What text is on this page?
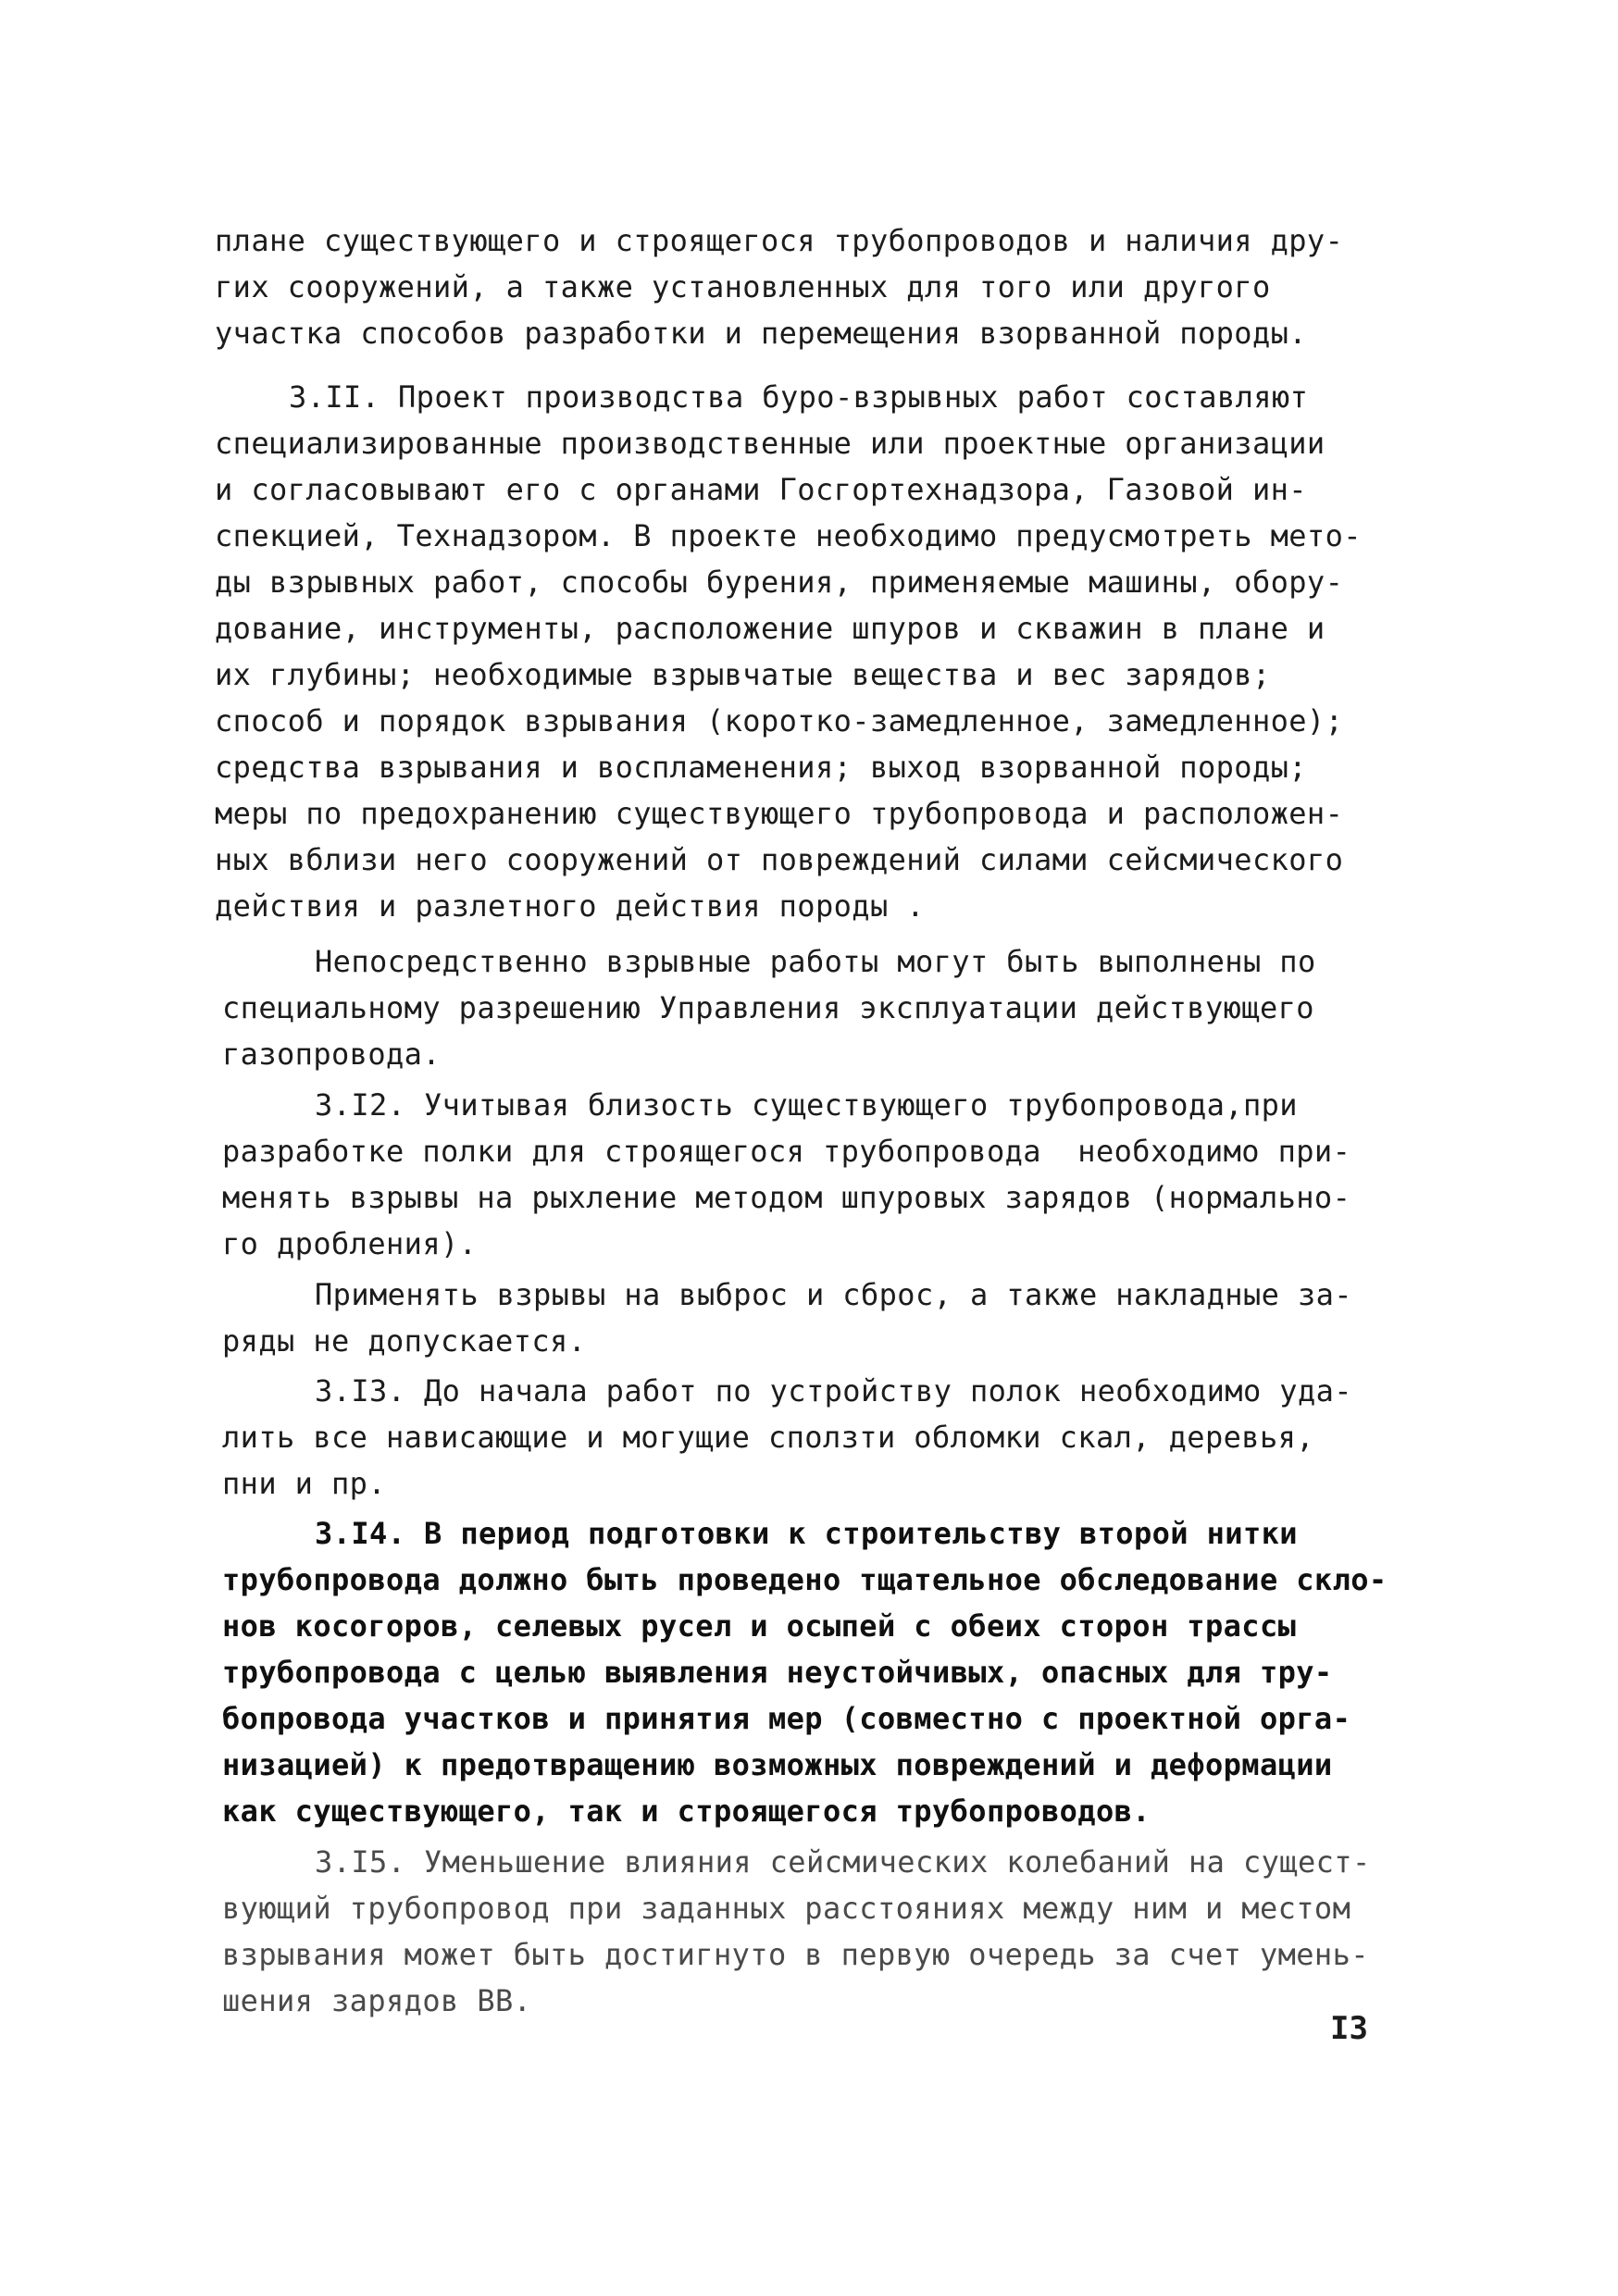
плане существующего и строящегося трубопроводов и наличия дру-
гих сооружений, а также установленных для того или другого
участка способов разработки и перемещения взорванной породы.
3.II. Проект производства буро-взрывных работ составляют
специализированные производственные или проектные организации
и согласовывают его с органами Госгортехнадзора, Газовой ин-
спекцией, Технадзором. В проекте необходимо предусмотреть мето-
ды взрывных работ, способы бурения, применяемые машины, обору-
дование, инструменты, расположение шпуров и скважин в плане и
их глубины; необходимые взрывчатые вещества и вес зарядов;
способ и порядок взрывания (коротко-замедленное, замедленное);
средства взрывания и воспламенения; выход взорванной породы;
меры по предохранению существующего трубопровода и расположен-
ных вблизи него сооружений от повреждений силами сейсмического
действия и разлетного действия породы .
Непосредственно взрывные работы могут быть выполнены по
специальному разрешению Управления эксплуатации действующего
газопровода.
3.I2. Учитывая близость существующего трубопровода,при
разработке полки для строящегося трубопровода  необходимо при-
менять взрывы на рыхление методом шпуровых зарядов (нормально-
го дробления).
Применять взрывы на выброс и сброс, а также накладные за-
ряды не допускается.
3.I3. До начала работ по устройству полок необходимо уда-
лить все нависающие и могущие сползти обломки скал, деревья,
пни и пр.
3.I4. В период подготовки к строительству второй нитки
трубопровода должно быть проведено тщательное обследование скло-
нов косогоров, селевых русел и осыпей с обеих сторон трассы
трубопровода с целью выявления неустойчивых, опасных для тру-
бопровода участков и принятия мер (совместно с проектной орга-
низацией) к предотвращению возможных повреждений и деформации
как существующего, так и строящегося трубопроводов.
3.I5. Уменьшение влияния сейсмических колебаний на сущест-
вующий трубопровод при заданных расстояниях между ним и местом
взрывания может быть достигнуто в первую очередь за счет умень-
шения зарядов ВВ.
I3
